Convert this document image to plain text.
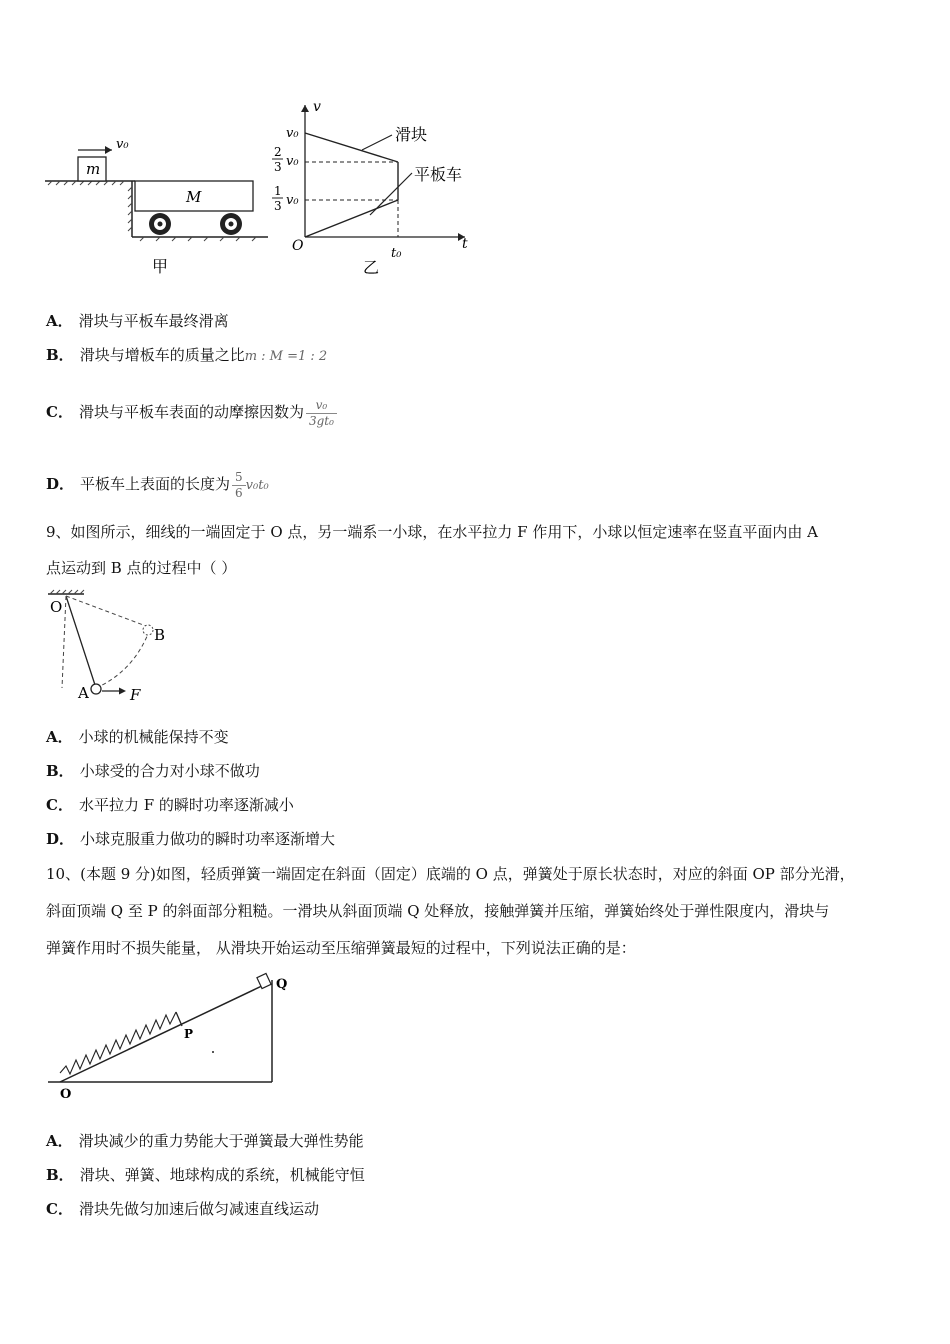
m
v₀
M
甲
v
t
O
v₀
2
3 v₀
1
3 v₀
t₀
滑块
平板车
乙
A． 滑块与平板车最终滑离
B． 滑块与增板车的质量之比m : M =1 : 2
C． 滑块与平板车表面的动摩擦因数为 $\frac{\text{v₀}}{\text{3gt₀}}$
D． 平板车上表面的长度为 $\frac{5}{6} v_0t_0$
9、如图所示，细线的一端固定于 O 点，另一端系一小球，在水平拉力 F 作用下，小球以恒定速率在竖直平面内由 A
点运动到 B 点的过程中（ ）
O
B
A	F
A． 小球的机械能保持不变
B． 小球受的合力对小球不做功
C． 水平拉力 F 的瞬时功率逐渐减小
D． 小球克服重力做功的瞬时功率逐渐增大
10、(本题 9 分)如图，轻质弹簧一端固定在斜面（固定）底端的 O 点，弹簧处于原长状态时，对应的斜面 OP 部分光滑，
斜面顶端 Q 至 P 的斜面部分粗糙。一滑块从斜面顶端 Q 处释放，接触弹簧并压缩，弹簧始终处于弹性限度内，滑块与
弹簧作用时不损失能量， 从滑块开始运动至压缩弹簧最短的过程中，下列说法正确的是：
Q
P
O
A． 滑块减少的重力势能大于弹簧最大弹性势能
B． 滑块、弹簧、地球构成的系统，机械能守恒
C． 滑块先做匀加速后做匀减速直线运动
